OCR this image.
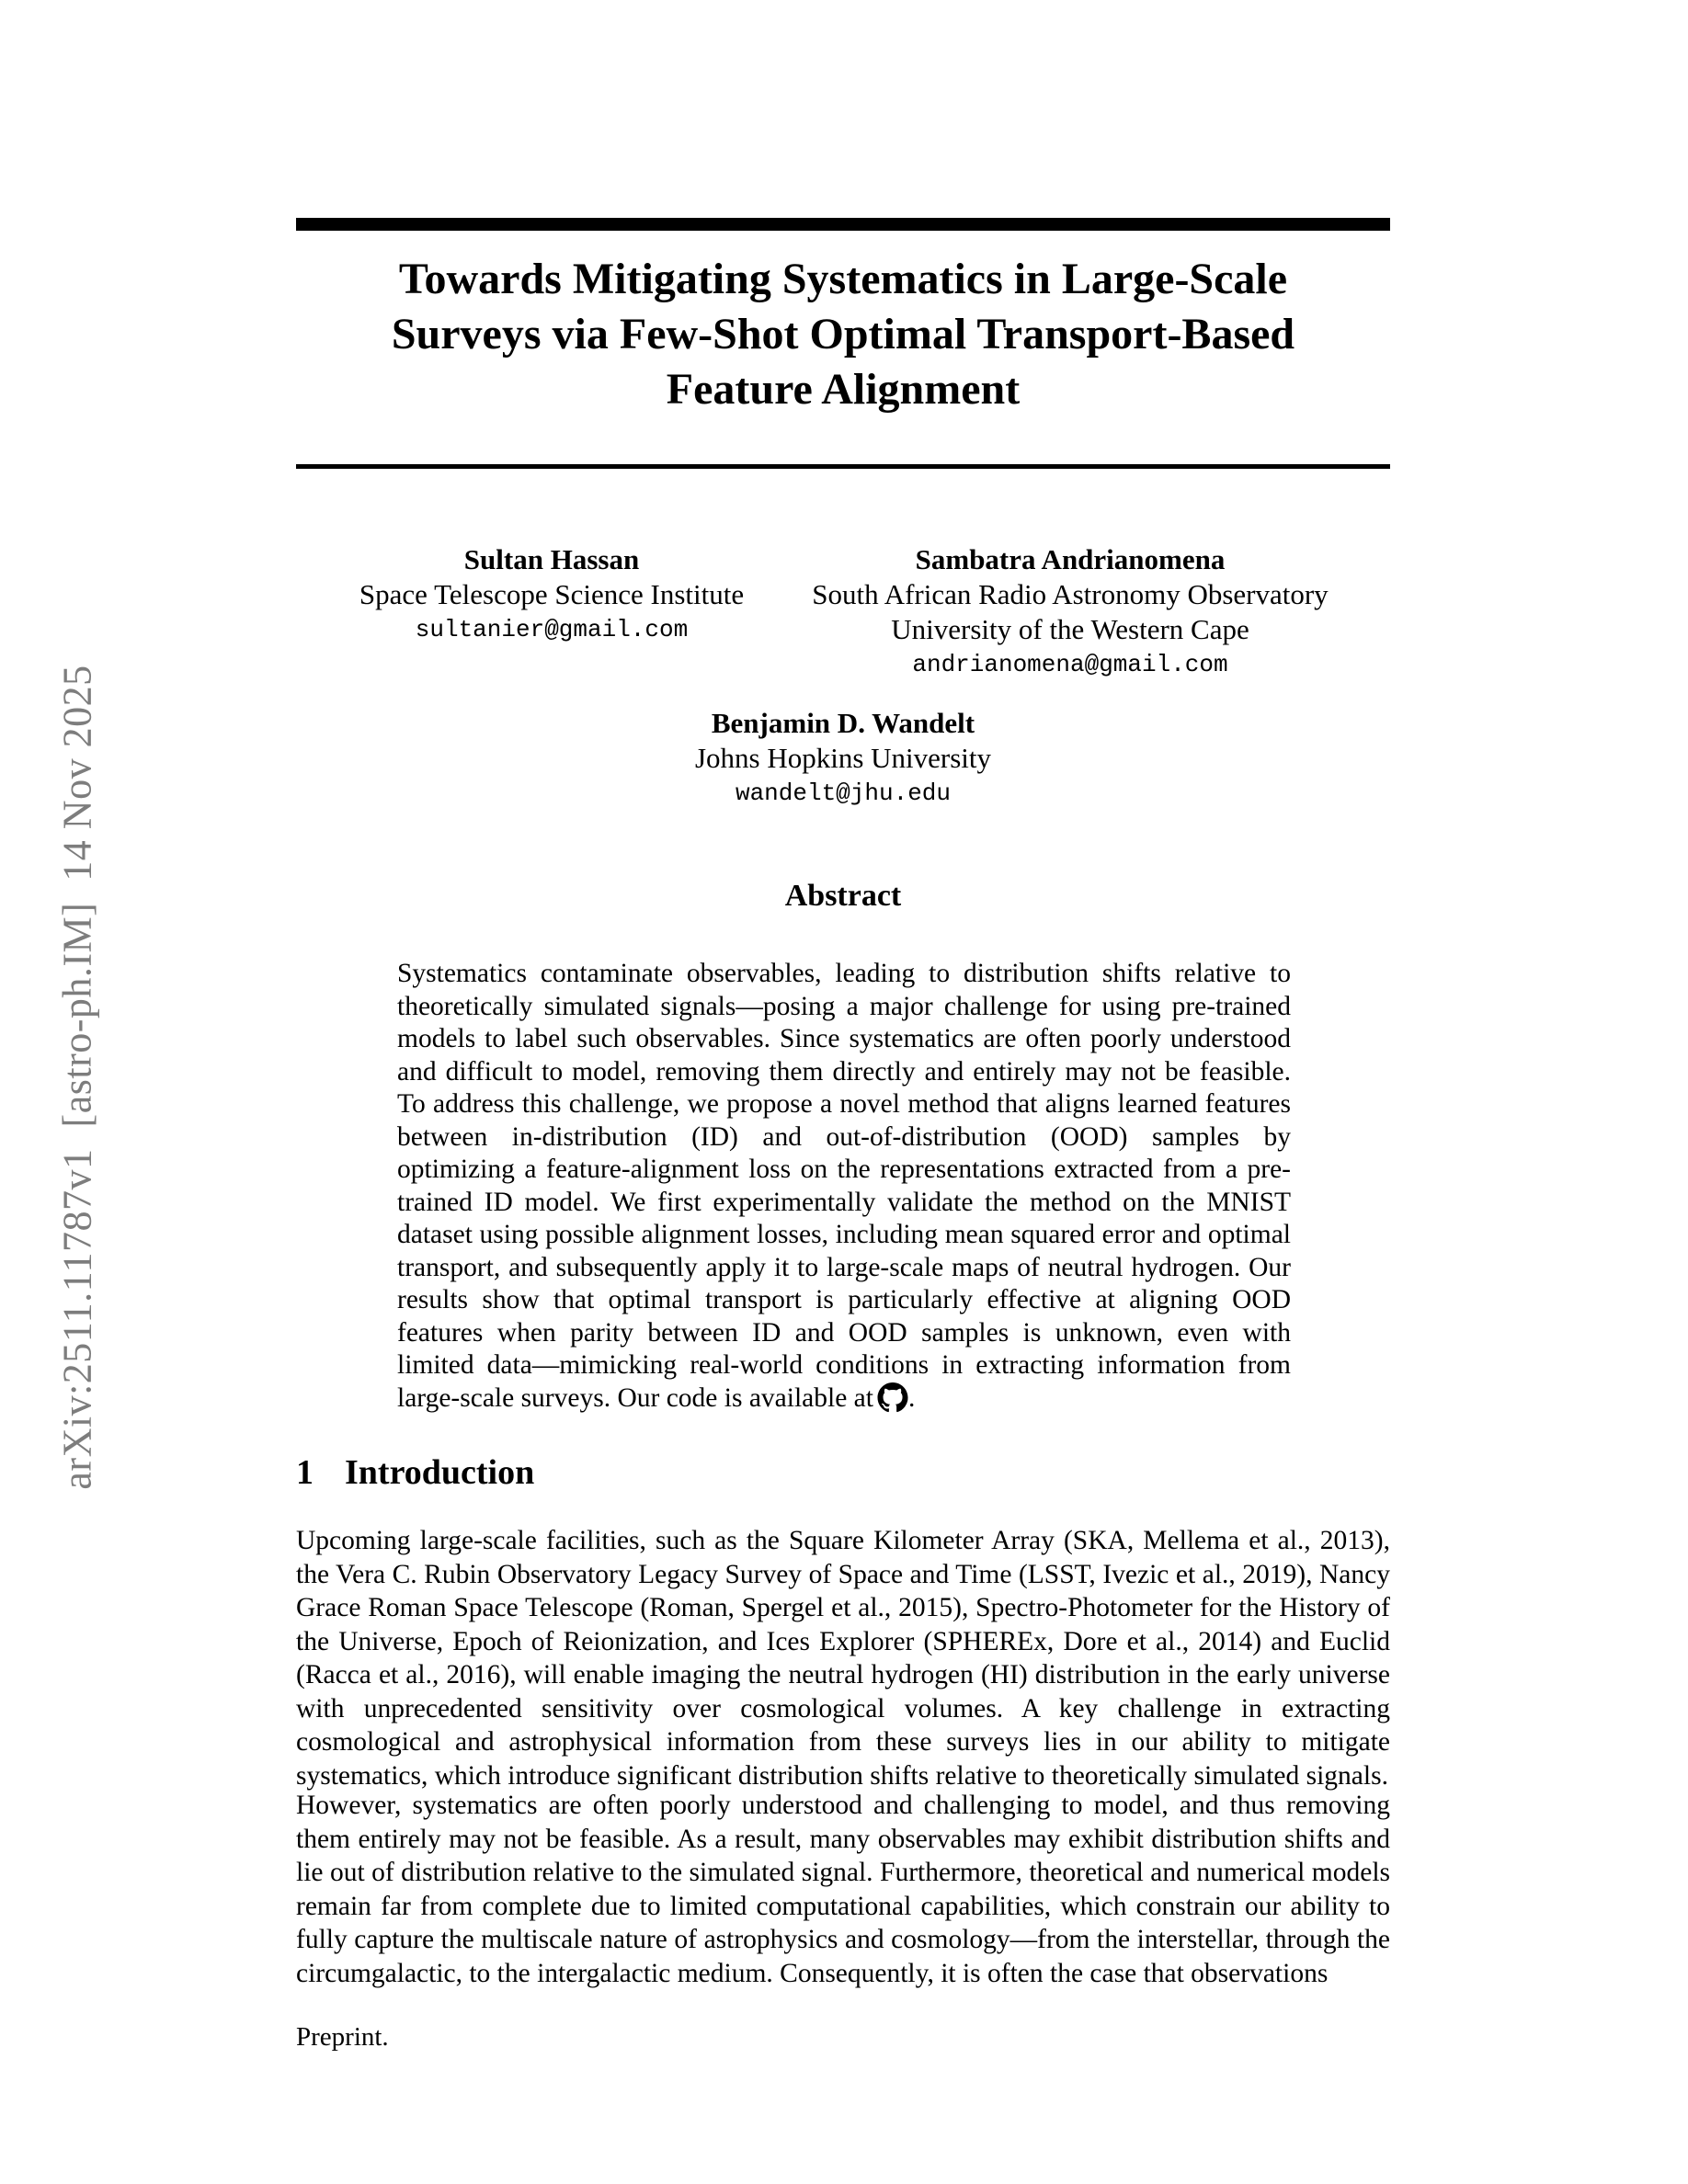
arXiv:2511.11787v1  [astro-ph.IM]  14 Nov 2025
Towards Mitigating Systematics in Large-Scale
Surveys via Few-Shot Optimal Transport-Based
Feature Alignment
Sultan Hassan
Space Telescope Science Institute
sultanier@gmail.com
Sambatra Andrianomena
South African Radio Astronomy Observatory
University of the Western Cape
andrianomena@gmail.com
Benjamin D. Wandelt
Johns Hopkins University
wandelt@jhu.edu
Abstract

Systematics contaminate observables, leading to distribution shifts relative to theoretically simulated signals—posing a major challenge for using pre-trained models to label such observables. Since systematics are often poorly understood and difficult to model, removing them directly and entirely may not be feasible. To address this challenge, we propose a novel method that aligns learned features between in-distribution (ID) and out-of-distribution (OOD) samples by optimizing a feature-alignment loss on the representations extracted from a pre-trained ID model. We first experimentally validate the method on the MNIST dataset using possible alignment losses, including mean squared error and optimal transport, and subsequently apply it to large-scale maps of neutral hydrogen. Our results show that optimal transport is particularly effective at aligning OOD features when parity between ID and OOD samples is unknown, even with limited data—mimicking real-world conditions in extracting information from large-scale surveys. Our code is available at .

1 Introduction

Upcoming large-scale facilities, such as the Square Kilometer Array (SKA, Mellema et al., 2013), the Vera C. Rubin Observatory Legacy Survey of Space and Time (LSST, Ivezic et al., 2019), Nancy Grace Roman Space Telescope (Roman, Spergel et al., 2015), Spectro-Photometer for the History of the Universe, Epoch of Reionization, and Ices Explorer (SPHEREx, Dore et al., 2014) and Euclid (Racca et al., 2016), will enable imaging the neutral hydrogen (HI) distribution in the early universe with unprecedented sensitivity over cosmological volumes. A key challenge in extracting cosmological and astrophysical information from these surveys lies in our ability to mitigate systematics, which introduce significant distribution shifts relative to theoretically simulated signals.

However, systematics are often poorly understood and challenging to model, and thus removing them entirely may not be feasible. As a result, many observables may exhibit distribution shifts and lie out of distribution relative to the simulated signal. Furthermore, theoretical and numerical models remain far from complete due to limited computational capabilities, which constrain our ability to fully capture the multiscale nature of astrophysics and cosmology—from the interstellar, through the circumgalactic, to the intergalactic medium. Consequently, it is often the case that observations

Preprint.
